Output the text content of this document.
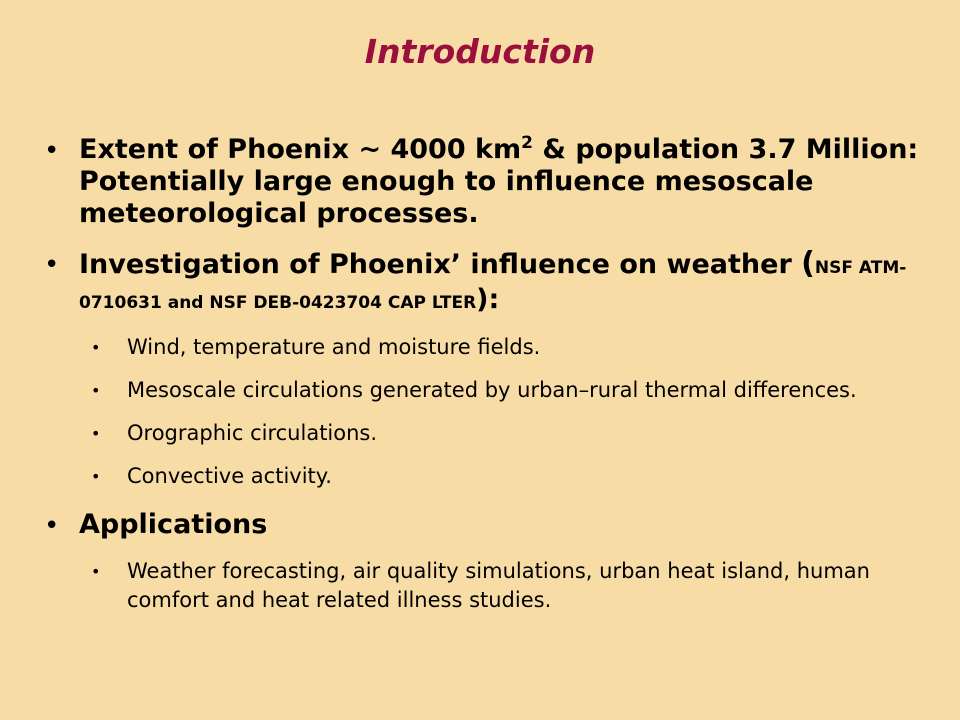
Introduction
• Extent of Phoenix ~ 4000 $km^2$ & population 3.7 Million: Potentially large enough to influence mesoscale meteorological processes.
• Investigation of Phoenix’ influence on weather (NSF ATM-0710631 and NSF DEB-0423704 CAP LTER):
•	Wind, temperature and moisture fields.
•	Mesoscale circulations generated by urban–rural thermal differences.
•	Orographic circulations.
•	Convective activity.
• Applications
•	Weather forecasting, air quality simulations, urban heat island, human comfort and heat related illness studies.
